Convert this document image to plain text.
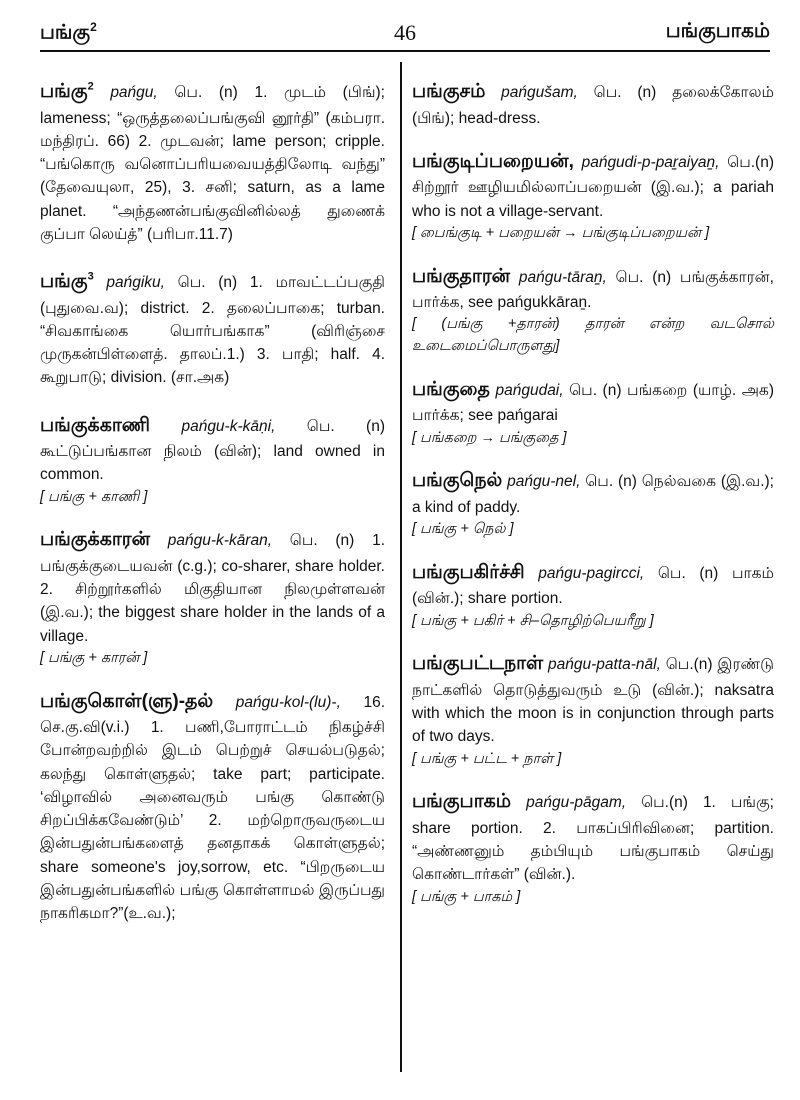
பங்கு$^2$	46	பங்குபாகம்

பங்கு$^2$ pańgu, பெ. (n) 1. முடம் (பிங்); lameness; “ஒருத்தலைப்பங்குவி னூர்தி” (கம்பரா. மந்திரப். 66) 2. முடவன்; lame person; cripple. “பங்கொரு வனொப்பரியவையத்திலோடி வந்து” (தேவையுலா, 25), 3. சனி; saturn, as a lame planet. “அந்தணன்பங்குவினில்லத் துணைக் குப்பா லெய்த்” (பரிபா.11.7)

பங்கு$^3$ pańgiku, பெ. (n) 1. மாவட்டப்பகுதி (புதுவை.வ); district. 2. தலைப்பாகை; turban. “சிவகாங்கை யொர்பங்காக” (விரிஞ்சை முருகன்பிள்ளைத். தாலப்.1.) 3. பாதி; half. 4. கூறுபாடு; division. (சா.அக)

பங்குக்காணி pańgu-k-kāṇi, பெ. (n) கூட்டுப்பங்கான நிலம் (வின்); land owned in common.

[ பங்கு + காணி ]

பங்குக்காரன் pańgu-k-kāran, பெ. (n) 1. பங்குக்குடையவன் (c.g.); co-sharer, share holder. 2. சிற்றூர்களில் மிகுதியான நிலமுள்ளவன் (இ.வ.); the biggest share holder in the lands of a village.

[ பங்கு + காரன் ]

பங்குகொள்(ளு)-தல் pańgu-kol-(lu)-, 16. செ.கு.வி(v.i.) 1. பணி,போராட்டம் நிகழ்ச்சி போன்றவற்றில் இடம் பெற்றுச் செயல்படுதல்; கலந்து கொள்ளுதல்; take part; participate. ‘விழாவில் அனைவரும் பங்கு கொண்டு சிறப்பிக்கவேண்டும்’ 2. மற்றொருவருடைய இன்பதுன்பங்களைத் தனதாகக் கொள்ளுதல்; share someone's joy,sorrow, etc. “பிறருடைய இன்பதுன்பங்களில் பங்கு கொள்ளாமல் இருப்பது நாகரிகமா?”(உ.வ.);

பங்குசம் pańgušam, பெ. (n) தலைக்கோலம் (பிங்); head-dress.

பங்குடிப்பறையன், pańgudi-p-paṟaiyaṉ, பெ.(n) சிற்றூர் ஊழியமில்லாப்பறையன் (இ.வ.); a pariah who is not a village-servant.

[ பைங்குடி + பறையன் → பங்குடிப்பறையன் ]

பங்குதாரன் pańgu-tāraṉ, பெ. (n) பங்குக்காரன், பார்க்க, see pańgukkāraṉ.

[ (பங்கு +தாரன்) தாரன் என்ற வடசொல் உடைமைப்பொருளது]

பங்குதை pańgudai, பெ. (n) பங்கறை (யாழ். அக) பார்க்க; see pańgarai

[ பங்கறை → பங்குதை ]

பங்குநெல் pańgu-nel, பெ. (n) நெல்வகை (இ.வ.); a kind of paddy.

[ பங்கு + நெல் ]

பங்குபகிர்ச்சி pańgu-pagircci, பெ. (n) பாகம் (வின்.); share portion.

[ பங்கு + பகிர் + சி–தொழிற்பெயரீறு ]

பங்குபட்டநாள் pańgu-patta-nāl, பெ.(n) இரண்டு நாட்களில் தொடுத்துவரும் உடு (வின்.); naksatra with which the moon is in conjunction through parts of two days.

[ பங்கு + பட்ட + நாள் ]

பங்குபாகம் pańgu-pāgam, பெ.(n) 1. பங்கு; share portion. 2. பாகப்பிரிவினை; partition. “அண்ணனும் தம்பியும் பங்குபாகம் செய்து கொண்டார்கள்” (வின்.).

[ பங்கு + பாகம் ]
